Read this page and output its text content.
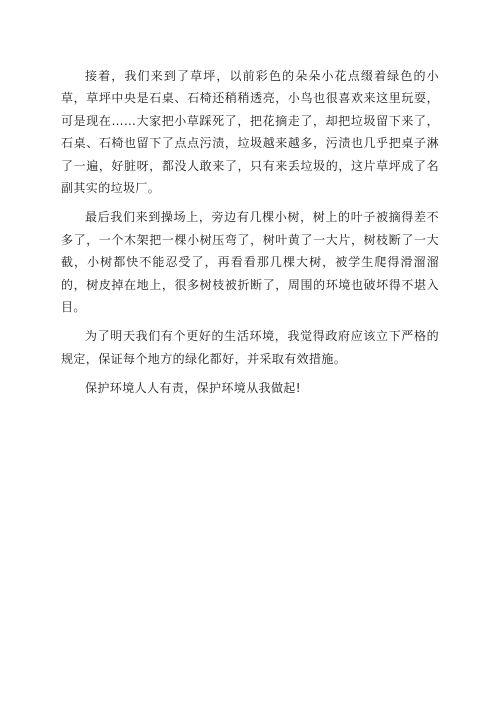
接着，我们来到了草坪，以前彩色的朵朵小花点缀着绿色的小草，草坪中央是石桌、石椅还稍稍透亮，小鸟也很喜欢来这里玩耍，可是现在……大家把小草踩死了，把花摘走了，却把垃圾留下来了，石桌、石椅也留下了点点污渍，垃圾越来越多，污渍也几乎把桌子淋了一遍，好脏呀，都没人敢来了，只有来丢垃圾的，这片草坪成了名副其实的垃圾厂。

最后我们来到操场上，旁边有几棵小树，树上的叶子被摘得差不多了，一个木架把一棵小树压弯了，树叶黄了一大片，树枝断了一大截，小树都快不能忍受了，再看看那几棵大树，被学生爬得滑溜溜的，树皮掉在地上，很多树枝被折断了，周围的环境也破坏得不堪入目。

为了明天我们有个更好的生活环境，我觉得政府应该立下严格的规定，保证每个地方的绿化都好，并采取有效措施。

保护环境人人有责，保护环境从我做起!
